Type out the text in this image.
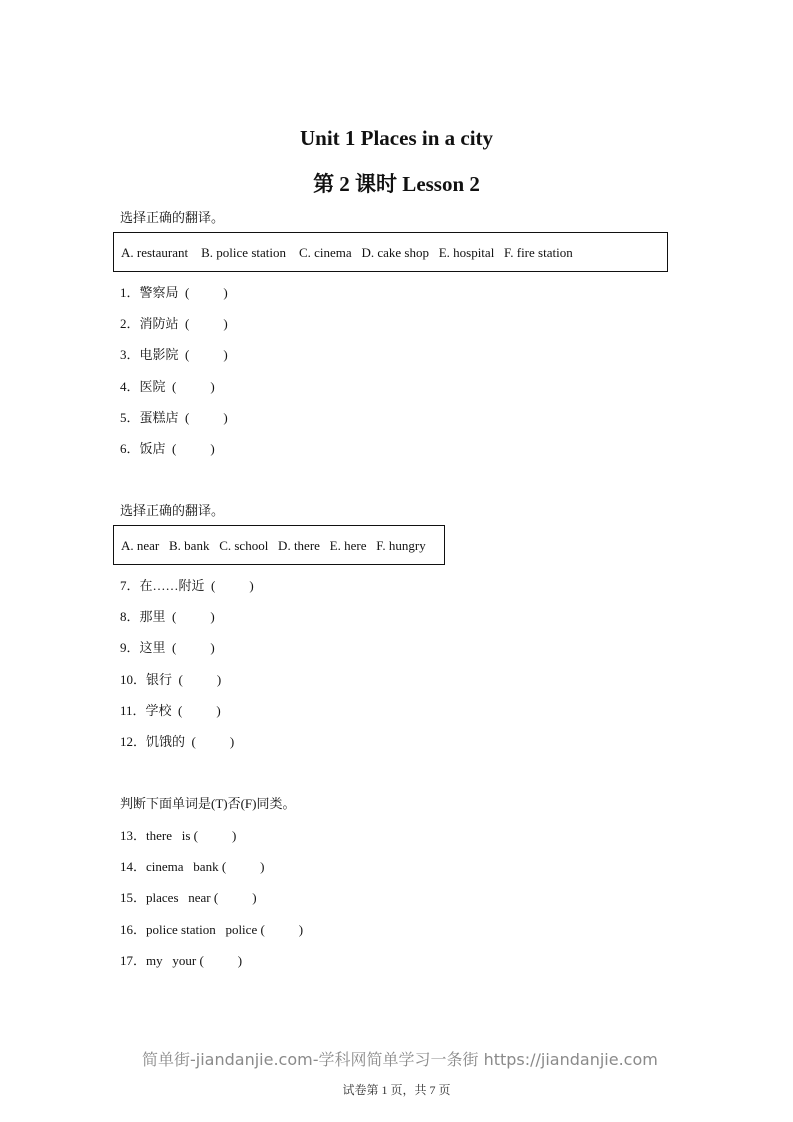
Unit 1 Places in a city
第 2 课时 Lesson 2
选择正确的翻译。
A. restaurant    B. police station    C. cinema   D. cake shop   E. hospital   F. fire station
1．警察局  (	)
2．消防站  (	)
3．电影院  (	)
4．医院  (	)
5．蛋糕店  (	)
6．饭店  (	)
选择正确的翻译。
A. near   B. bank   C. school   D. there   E. here   F. hungry
7．在……附近  (	)
8．那里  (	)
9．这里  (	)
10．银行  (	)
11．学校  (	)
12．饥饿的  (	)
判断下面单词是(T)否(F)同类。
13．there   is (	)
14．cinema   bank (	)
15．places   near (	)
16．police station   police (	)
17．my   your (	)
简单街-jiandanjie.com-学科网简单学习一条街 https://jiandanjie.com
试卷第 1 页，共 7 页
